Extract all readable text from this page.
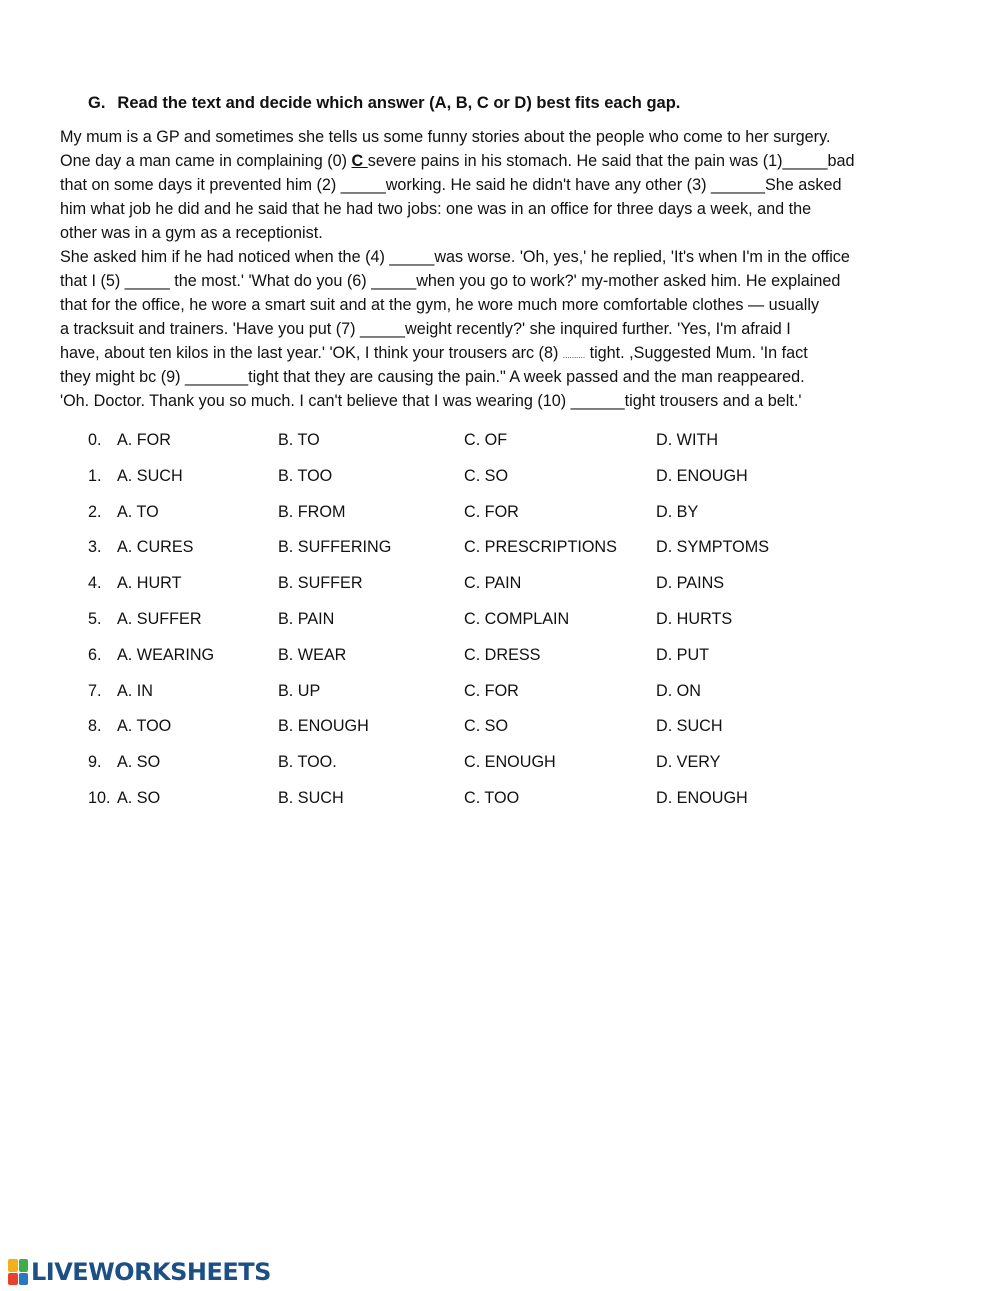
G. Read the text and decide which answer (A, B, C or D) best fits each gap.
My mum is a GP and sometimes she tells us some funny stories about the people who come to her surgery.
One day a man came in complaining (0) C severe pains in his stomach. He said that the pain was (1)_____bad
that on some days it prevented him (2) _____working. He said he didn't have any other (3) ______She asked
him what job he did and he said that he had two jobs: one was in an office for three days a week, and the
other was in a gym as a receptionist.
She asked him if he had noticed when the (4) _____was worse. 'Oh, yes,' he replied, 'It's when I'm in the office
that I (5) _____ the most.' 'What do you (6) _____when you go to work?' my-mother asked him. He explained
that for the office, he wore a smart suit and at the gym, he wore much more comfortable clothes — usually
a tracksuit and trainers. 'Have you put (7) _____weight recently?' she inquired further. 'Yes, I'm afraid I
have, about ten kilos in the last year.' 'OK, I think your trousers arc (8) .......... tight. ,Suggested Mum. 'In fact
they might bc (9) _______tight that they are causing the pain." A week passed and the man reappeared.
'Oh. Doctor. Thank you so much. I can't believe that I was wearing (10) ______tight trousers and a belt.'
0. A. FOR	B. TO	C. OF	D. WITH
1. A. SUCH	B. TOO	C. SO	D. ENOUGH
2. A. TO	B. FROM	C. FOR	D. BY
3. A. CURES	B. SUFFERING	C. PRESCRIPTIONS D. SYMPTOMS
4. A. HURT	B. SUFFER	C. PAIN	D. PAINS
5. A. SUFFER	B. PAIN	C. COMPLAIN	D. HURTS
6. A. WEARING	B. WEAR	C. DRESS	D. PUT
7. A. IN	B. UP	C. FOR	D. ON
8. A. TOO	B. ENOUGH	C. SO	D. SUCH
9. A. SO	B. TOO.	C. ENOUGH	D. VERY
10. A. SO	B. SUCH	C. TOO	D. ENOUGH
LIVEWORKSHEETS
